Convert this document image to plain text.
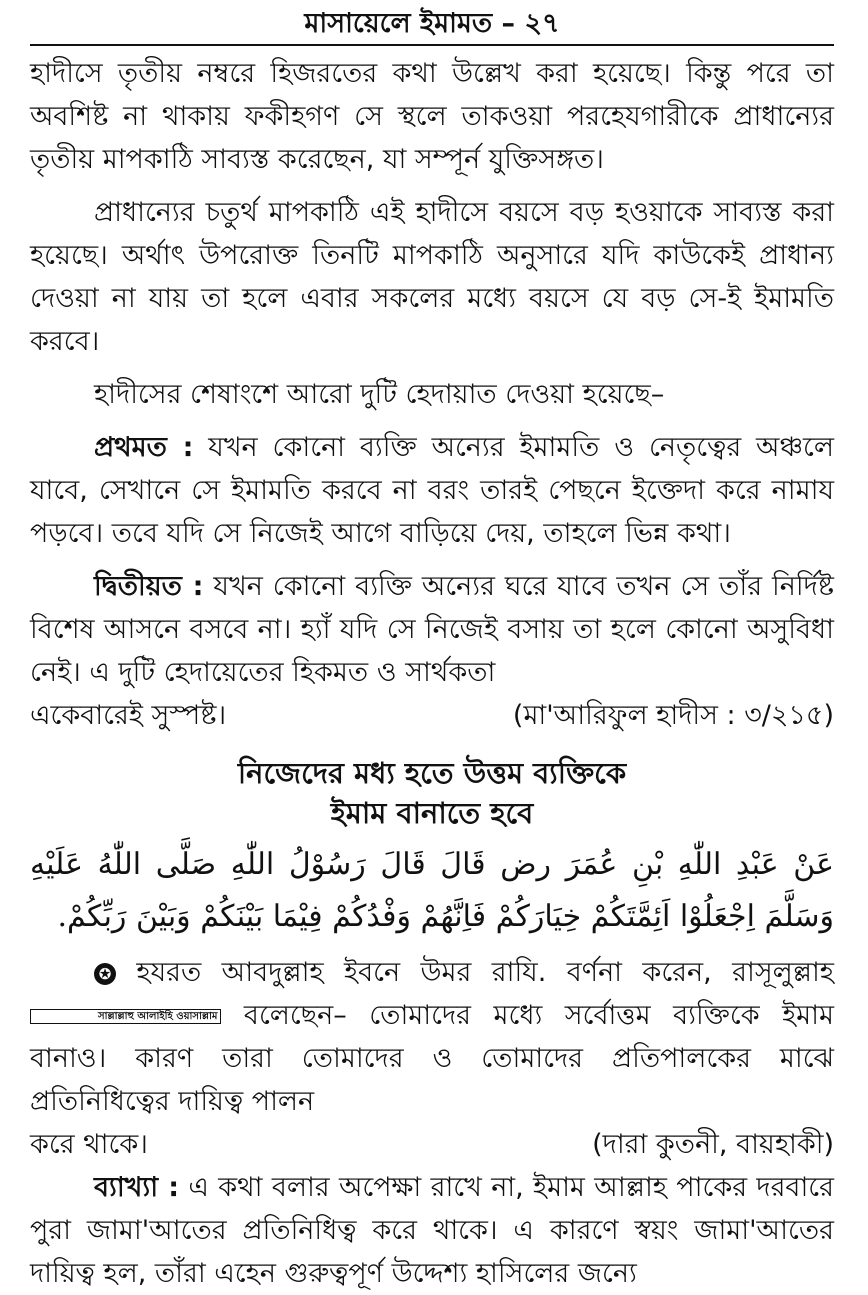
মাসায়েলে ইমামত – ২৭

হাদীসে তৃতীয় নম্বরে হিজরতের কথা উল্লেখ করা হয়েছে। কিন্তু পরে তা অবশিষ্ট না থাকায় ফকীহগণ সে স্থলে তাকওয়া পরহেযগারীকে প্রাধান্যের তৃতীয় মাপকাঠি সাব্যস্ত করেছেন, যা সম্পূর্ন যুক্তিসঙ্গত।

প্রাধান্যের চতুর্থ মাপকাঠি এই হাদীসে বয়সে বড় হওয়াকে সাব্যস্ত করা হয়েছে। অর্থাৎ উপরোক্ত তিনটি মাপকাঠি অনুসারে যদি কাউকেই প্রাধান্য দেওয়া না যায় তা হলে এবার সকলের মধ্যে বয়সে যে বড় সে-ই ইমামতি করবে।

হাদীসের শেষাংশে আরো দুটি হেদায়াত দেওয়া হয়েছে–

প্রথমত : যখন কোনো ব্যক্তি অন্যের ইমামতি ও নেতৃত্বের অঞ্চলে যাবে, সেখানে সে ইমামতি করবে না বরং তারই পেছনে ইক্তেদা করে নামায পড়বে। তবে যদি সে নিজেই আগে বাড়িয়ে দেয়, তাহলে ভিন্ন কথা।

দ্বিতীয়ত : যখন কোনো ব্যক্তি অন্যের ঘরে যাবে তখন সে তাঁর নির্দিষ্ট বিশেষ আসনে বসবে না। হ্যাঁ যদি সে নিজেই বসায় তা হলে কোনো অসুবিধা নেই। এ দুটি হেদায়েতের হিকমত ও সার্থকতা

একেবারেই সুস্পষ্ট।	(মা'আরিফুল হাদীস : ৩/২১৫)
নিজেদের মধ্য হতে উত্তম ব্যক্তিকে
ইমাম বানাতে হবে
عَنْ عَبْدِ اللّٰهِ بْنِ عُمَرَ رض قَالَ قَالَ رَسُوْلُ اللّٰهِ صَلَّى اللّٰهُ عَلَيْهِ وَسَلَّمَ اِجْعَلُوْا اَئِمَّتَكُمْ خِيَارَكُمْ فَاِنَّهُمْ وَفْدُكُمْ فِيْمَا بَيْنَكُمْ وَبَيْنَ رَبِّكُمْ.

✪ হযরত আবদুল্লাহ ইবনে উমর রাযি. বর্ণনা করেন, রাসূলুল্লাহ সাল্লাল্লাহু আলাইহি ওয়াসাল্লাম বলেছেন– তোমাদের মধ্যে সর্বোত্তম ব্যক্তিকে ইমাম বানাও। কারণ তারা তোমাদের ও তোমাদের প্রতিপালকের মাঝে প্রতিনিধিত্বের দায়িত্ব পালন

করে থাকে।	(দারা কুতনী, বায়হাকী)

ব্যাখ্যা : এ কথা বলার অপেক্ষা রাখে না, ইমাম আল্লাহ পাকের দরবারে পুরা জামা'আতের প্রতিনিধিত্ব করে থাকে। এ কারণে স্বয়ং জামা'আতের দায়িত্ব হল, তাঁরা এহেন গুরুত্বপূর্ণ উদ্দেশ্য হাসিলের জন্যে
